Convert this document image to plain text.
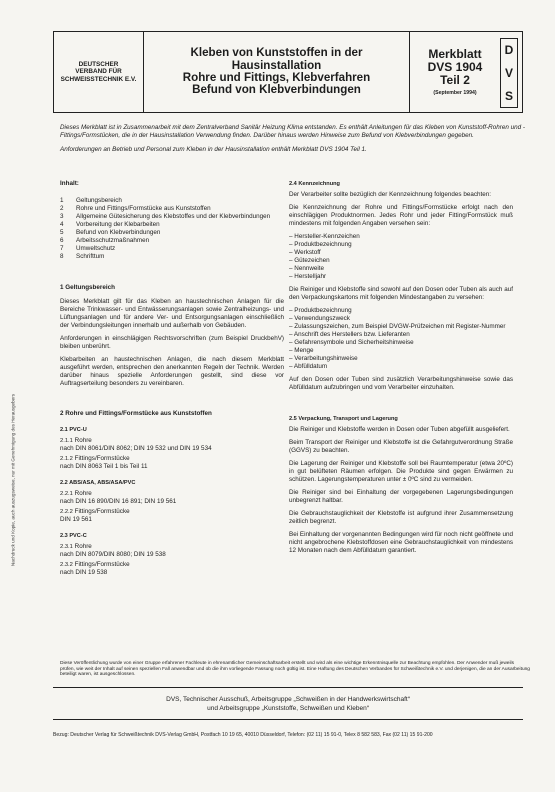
Nachdruck und Kopie, auch auszugsweise, nur mit Genehmigung des Herausgebers
DEUTSCHER
VERBAND FÜR
SCHWEISSTECHNIK E.V.
Kleben von Kunststoffen in der
Hausinstallation
Rohre und Fittings, Klebverfahren
Befund von Klebverbindungen
Merkblatt
DVS 1904
Teil 2
(September 1994)
D
V
S

Dieses Merkblatt ist in Zusammenarbeit mit dem Zentralverband Sanitär Heizung Klima entstanden. Es enthält Anleitungen für das Kleben von Kunststoff-Rohren und -Fittings/Formstücken, die in der Hausinstallation Verwendung finden. Darüber hinaus werden Hinweise zum Befund von Klebverbindungen gegeben.

Anforderungen an Betrieb und Personal zum Kleben in der Hausinstallation enthält Merkblatt DVS 1904 Teil 1.

Inhalt:
1	Geltungsbereich
2	Rohre und Fittings/Formstücke aus Kunststoffen
3	Allgemeine Gütesicherung des Klebstoffes und der Klebverbindungen
4	Vorbereitung der Klebarbeiten
5	Befund von Klebverbindungen
6	Arbeitsschutzmaßnahmen
7	Umweltschutz
8	Schrifttum
1 Geltungsbereich

Dieses Merkblatt gilt für das Kleben an haustechnischen Anlagen für die Bereiche Trinkwasser- und Entwässerungsanlagen sowie Zentralheizungs- und Lüftungsanlagen und für andere Ver- und Entsorgungsanlagen einschließlich der Verbindungsleitungen innerhalb und außerhalb von Gebäuden.

Anforderungen in einschlägigen Rechtsvorschriften (zum Beispiel DruckbehV) bleiben unberührt.

Klebarbeiten an haustechnischen Anlagen, die nach diesem Merkblatt ausgeführt werden, entsprechen den anerkannten Regeln der Technik. Werden darüber hinaus spezielle Anforderungen gestellt, sind diese vor Auftragserteilung besonders zu vereinbaren.

2 Rohre und Fittings/Formstücke aus Kunststoffen
2.1 PVC-U
2.1.1 Rohre
nach DIN 8061/DIN 8062; DIN 19 532 und DIN 19 534
2.1.2 Fittings/Formstücke
nach DIN 8063 Teil 1 bis Teil 11
2.2 ABS/ASA, ABS/ASA/PVC
2.2.1 Rohre
nach DIN 16 890/DIN 16 891; DIN 19 561
2.2.2 Fittings/Formstücke
DIN 19 561
2.3 PVC-C
2.3.1 Rohre
nach DIN 8079/DIN 8080; DIN 19 538
2.3.2 Fittings/Formstücke
nach DIN 19 538
2.4 Kennzeichnung

Der Verarbeiter sollte bezüglich der Kennzeichnung folgendes beachten:

Die Kennzeichnung der Rohre und Fittings/Formstücke erfolgt nach den einschlägigen Produktnormen. Jedes Rohr und jeder Fitting/Formstück muß mindestens mit folgenden Angaben versehen sein:

– Hersteller-Kennzeichen
– Produktbezeichnung
– Werkstoff
– Gütezeichen
– Nennweite
– Herstelljahr

Die Reiniger und Klebstoffe sind sowohl auf den Dosen oder Tuben als auch auf den Verpackungskartons mit folgenden Mindestangaben zu versehen:

– Produktbezeichnung
– Verwendungszweck
– Zulassungszeichen, zum Beispiel DVGW-Prüfzeichen mit Register-Nummer
– Anschrift des Herstellers bzw. Lieferanten
– Gefahrensymbole und Sicherheitshinweise
– Menge
– Verarbeitungshinweise
– Abfülldatum

Auf den Dosen oder Tuben sind zusätzlich Verarbeitungshinweise sowie das Abfülldatum aufzubringen und vom Verarbeiter einzuhalten.

2.5 Verpackung, Transport und Lagerung

Die Reiniger und Klebstoffe werden in Dosen oder Tuben abgefüllt ausgeliefert.

Beim Transport der Reiniger und Klebstoffe ist die Gefahrgutverordnung Straße (GGVS) zu beachten.

Die Lagerung der Reiniger und Klebstoffe soll bei Raumtemperatur (etwa 20ºC) in gut belüfteten Räumen erfolgen. Die Produkte sind gegen Erwärmen zu schützen. Lagerungstemperaturen unter ± 0ºC sind zu vermeiden.

Die Reiniger sind bei Einhaltung der vorgegebenen Lagerungsbedingungen unbegrenzt haltbar.

Die Gebrauchstauglichkeit der Klebstoffe ist aufgrund ihrer Zusammensetzung zeitlich begrenzt.

Bei Einhaltung der vorgenannten Bedingungen wird für noch nicht geöffnete und nicht angebrochene Klebstoffdosen eine Gebrauchstauglichkeit von mindestens 12 Monaten nach dem Abfülldatum garantiert.

Diese Veröffentlichung wurde von einer Gruppe erfahrener Fachleute in ehrenamtlicher Gemeinschaftsarbeit erstellt und wird als eine wichtige Erkenntnisquelle zur Beachtung empfohlen. Der Anwender muß jeweils prüfen, wie weit der Inhalt auf seinen speziellen Fall anwendbar und ob die ihm vorliegende Fassung noch gültig ist. Eine Haftung des Deutschen Verbandes für Schweißtechnik e.V. und derjenigen, die an der Ausarbeitung beteiligt waren, ist ausgeschlossen.
DVS, Technischer Ausschuß, Arbeitsgruppe „Schweißen in der Handwerkswirtschaft“
und Arbeitsgruppe „Kunststoffe, Schweißen und Kleben“
Bezug: Deutscher Verlag für Schweißtechnik DVS-Verlag GmbH, Postfach 10 19 65, 40010 Düsseldorf, Telefon: (02 11) 15 91-0, Telex 8 582 583, Fax (02 11) 15 91-200
